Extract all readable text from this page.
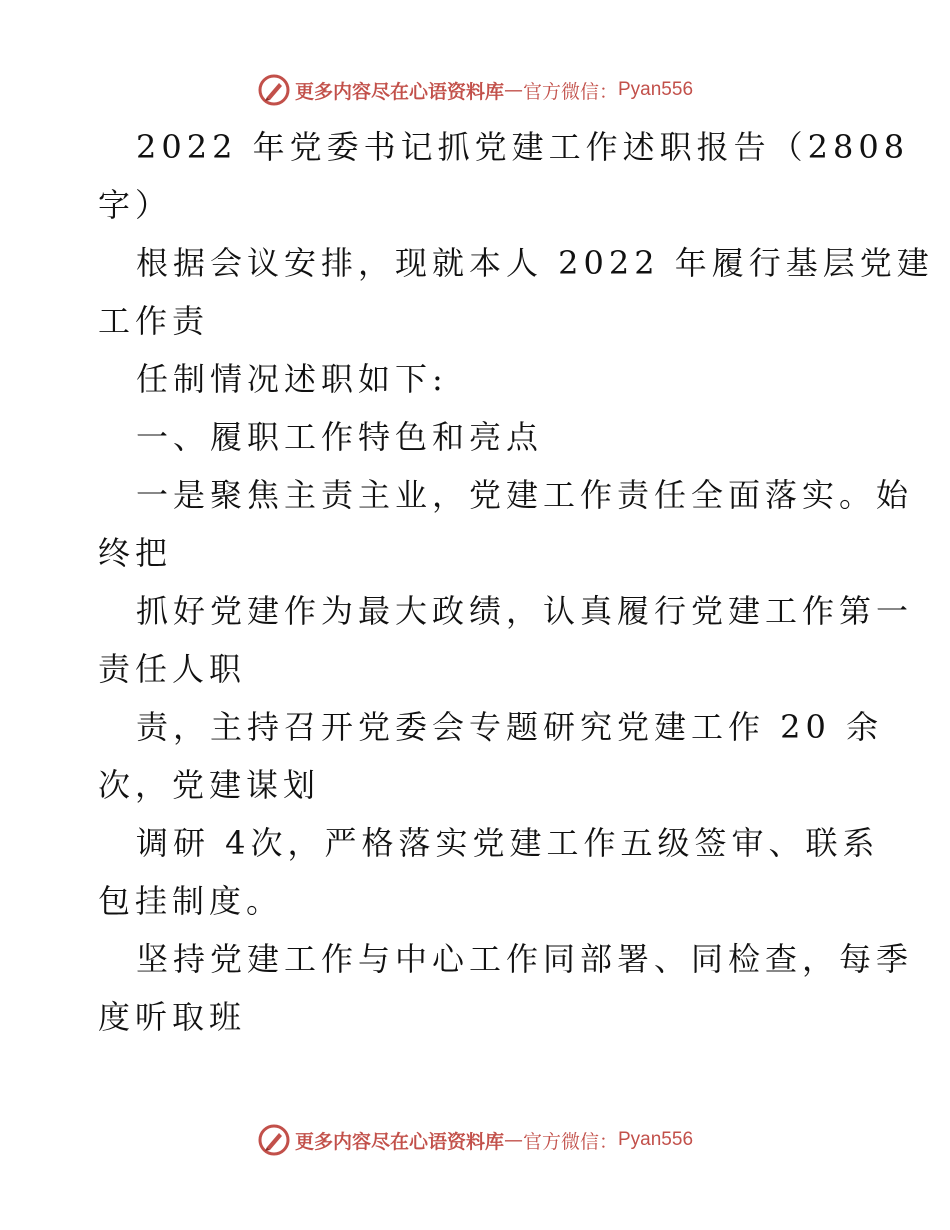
更多内容尽在心语资料库 — 官方微信： Pyan556
2022 年党委书记抓党建工作述职报告（2808
字）
根据会议安排，现就本人 2022 年履行基层党建
工作责
任制情况述职如下:
一、履职工作特色和亮点
一是聚焦主责主业，党建工作责任全面落实。始
终把
抓好党建作为最大政绩，认真履行党建工作第一
责任人职
责，主持召开党委会专题研究党建工作 20 余
次，党建谋划
调研 4次，严格落实党建工作五级签审、联系
包挂制度。
坚持党建工作与中心工作同部署、同检查，每季
度听取班
更多内容尽在心语资料库 — 官方微信： Pyan556
